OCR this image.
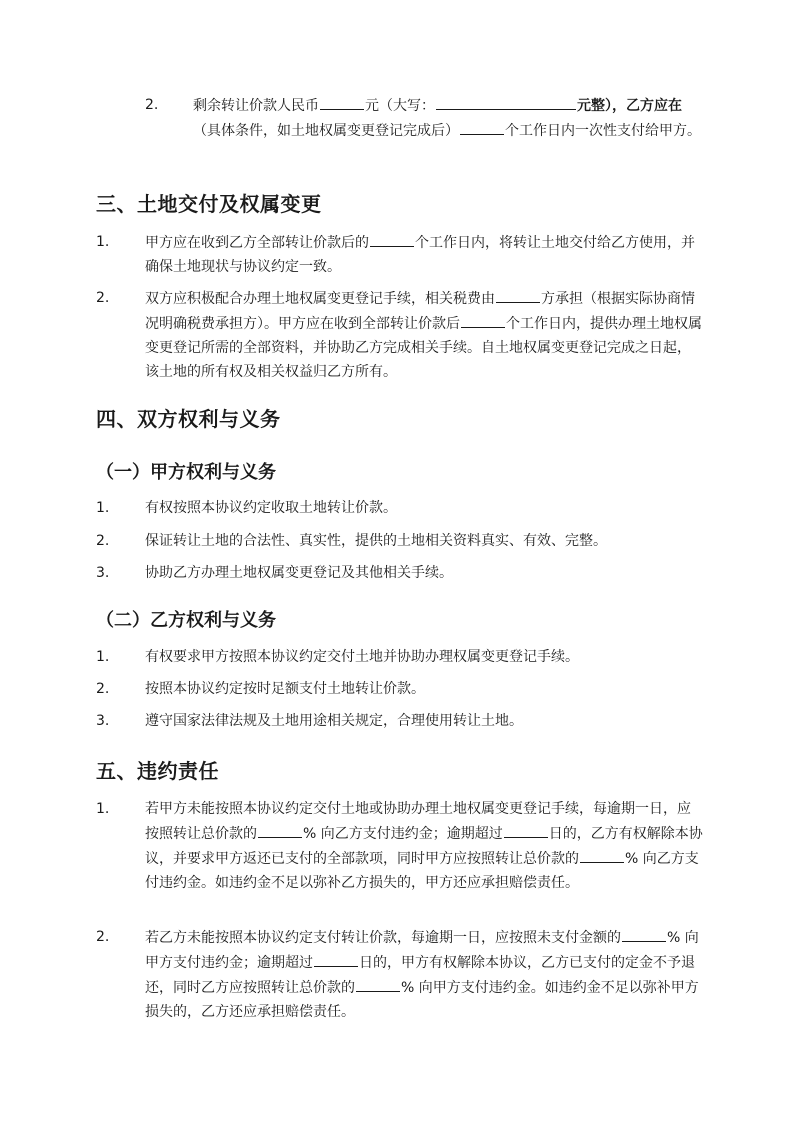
2. 剩余转让价款人民币	元（大写：	元整），乙方应在（具体条件，如土地权属变更登记完成后）	个工作日内一次性支付给甲方。
三、土地交付及权属变更
1.	甲方应在收到乙方全部转让价款后的	个工作日内，将转让土地交付给乙方使用，并确保土地现状与协议约定一致。
2.	双方应积极配合办理土地权属变更登记手续，相关税费由	方承担（根据实际协商情况明确税费承担方）。甲方应在收到全部转让价款后	个工作日内，提供办理土地权属变更登记所需的全部资料，并协助乙方完成相关手续。自土地权属变更登记完成之日起，该土地的所有权及相关权益归乙方所有。
四、双方权利与义务
（一）甲方权利与义务
1.	有权按照本协议约定收取土地转让价款。
2.	保证转让土地的合法性、真实性，提供的土地相关资料真实、有效、完整。
3.	协助乙方办理土地权属变更登记及其他相关手续。
（二）乙方权利与义务
1.	有权要求甲方按照本协议约定交付土地并协助办理权属变更登记手续。
2.	按照本协议约定按时足额支付土地转让价款。
3.	遵守国家法律法规及土地用途相关规定，合理使用转让土地。
五、违约责任
1.	若甲方未能按照本协议约定交付土地或协助办理土地权属变更登记手续，每逾期一日，应按照转让总价款的	% 向乙方支付违约金；逾期超过	日的，乙方有权解除本协议，并要求甲方返还已支付的全部款项，同时甲方应按照转让总价款的	% 向乙方支付违约金。如违约金不足以弥补乙方损失的，甲方还应承担赔偿责任。
2.	若乙方未能按照本协议约定支付转让价款，每逾期一日，应按照未支付金额的	% 向甲方支付违约金；逾期超过	日的，甲方有权解除本协议，乙方已支付的定金不予退还，同时乙方应按照转让总价款的	% 向甲方支付违约金。如违约金不足以弥补甲方损失的，乙方还应承担赔偿责任。
